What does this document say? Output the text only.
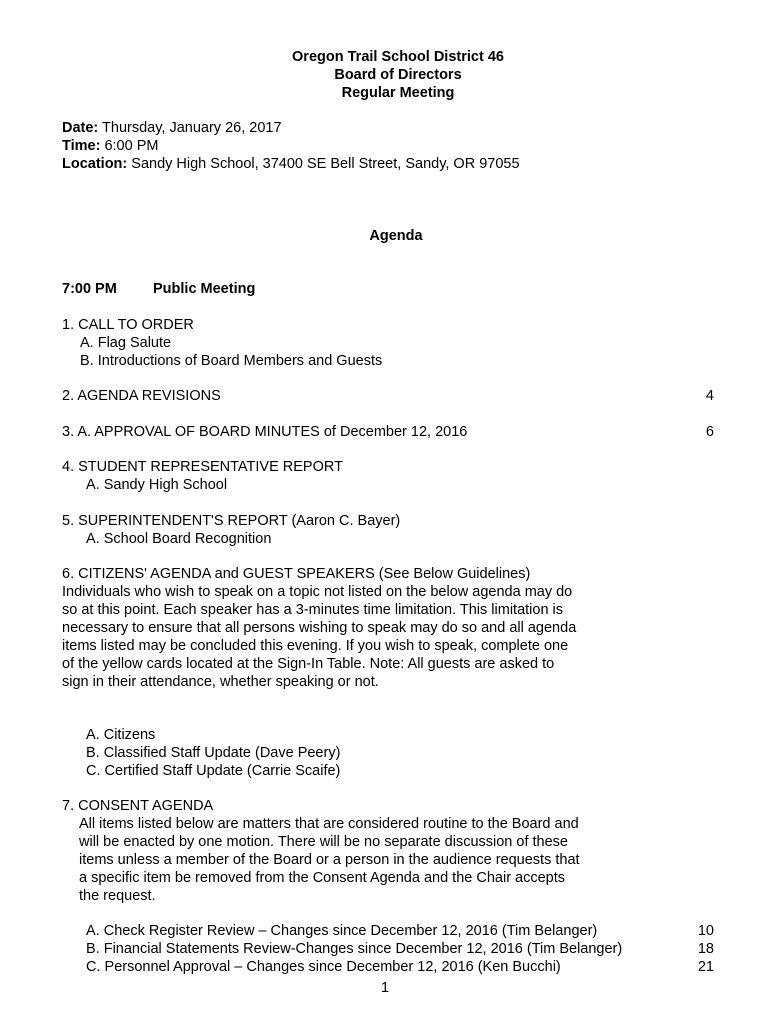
Oregon Trail School District 46
Board of Directors
Regular Meeting
Date: Thursday, January 26, 2017
Time: 6:00 PM
Location: Sandy High School, 37400 SE Bell Street, Sandy, OR 97055
Agenda
7:00 PM Public Meeting
1. CALL TO ORDER
A. Flag Salute
B. Introductions of Board Members and Guests
2. AGENDA REVISIONS	4
3. A. APPROVAL OF BOARD MINUTES of December 12, 2016	6
4. STUDENT REPRESENTATIVE REPORT
A. Sandy High School
5. SUPERINTENDENT'S REPORT (Aaron C. Bayer)
A. School Board Recognition
6. CITIZENS' AGENDA and GUEST SPEAKERS (See Below Guidelines)

Individuals who wish to speak on a topic not listed on the below agenda may do so at this point. Each speaker has a 3-minutes time limitation. This limitation is necessary to ensure that all persons wishing to speak may do so and all agenda items listed may be concluded this evening. If you wish to speak, complete one of the yellow cards located at the Sign-In Table. Note: All guests are asked to sign in their attendance, whether speaking or not.

A. Citizens
B. Classified Staff Update (Dave Peery)
C. Certified Staff Update (Carrie Scaife)
7. CONSENT AGENDA

All items listed below are matters that are considered routine to the Board and will be enacted by one motion. There will be no separate discussion of these items unless a member of the Board or a person in the audience requests that a specific item be removed from the Consent Agenda and the Chair accepts the request.

A. Check Register Review – Changes since December 12, 2016 (Tim Belanger)	10
B. Financial Statements Review-Changes since December 12, 2016 (Tim Belanger)	18
C. Personnel Approval – Changes since December 12, 2016 (Ken Bucchi)	21
1
